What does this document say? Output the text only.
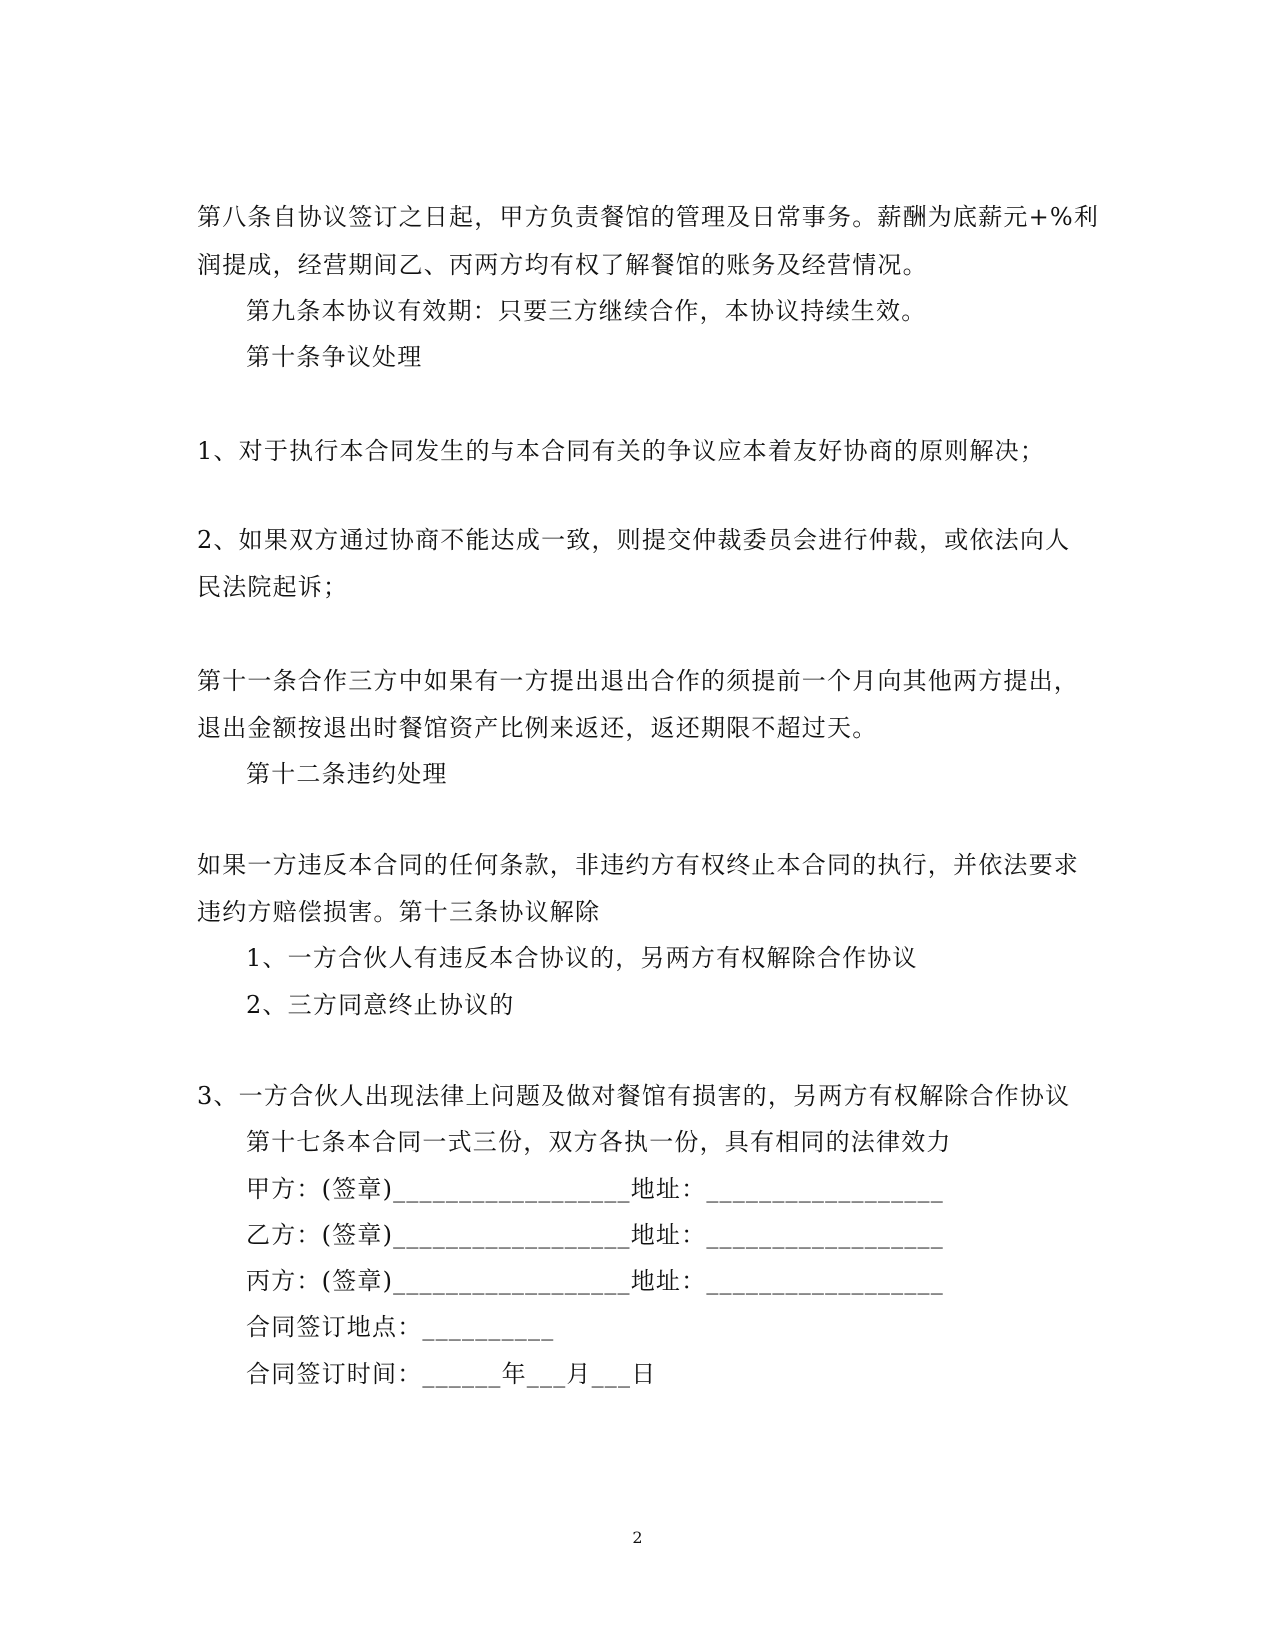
第八条自协议签订之日起，甲方负责餐馆的管理及日常事务。薪酬为底薪元+%利
润提成，经营期间乙、丙两方均有权了解餐馆的账务及经营情况。
第九条本协议有效期：只要三方继续合作，本协议持续生效。
第十条争议处理
1、对于执行本合同发生的与本合同有关的争议应本着友好协商的原则解决；
2、如果双方通过协商不能达成一致，则提交仲裁委员会进行仲裁，或依法向人
民法院起诉；
第十一条合作三方中如果有一方提出退出合作的须提前一个月向其他两方提出，
退出金额按退出时餐馆资产比例来返还，返还期限不超过天。
第十二条违约处理
如果一方违反本合同的任何条款，非违约方有权终止本合同的执行，并依法要求
违约方赔偿损害。第十三条协议解除
1、一方合伙人有违反本合协议的，另两方有权解除合作协议
2、三方同意终止协议的
3、一方合伙人出现法律上问题及做对餐馆有损害的，另两方有权解除合作协议
第十七条本合同一式三份，双方各执一份，具有相同的法律效力
甲方：(签章)__________________地址：__________________
乙方：(签章)__________________地址：__________________
丙方：(签章)__________________地址：__________________
合同签订地点：__________
合同签订时间：______年___月___日
2
